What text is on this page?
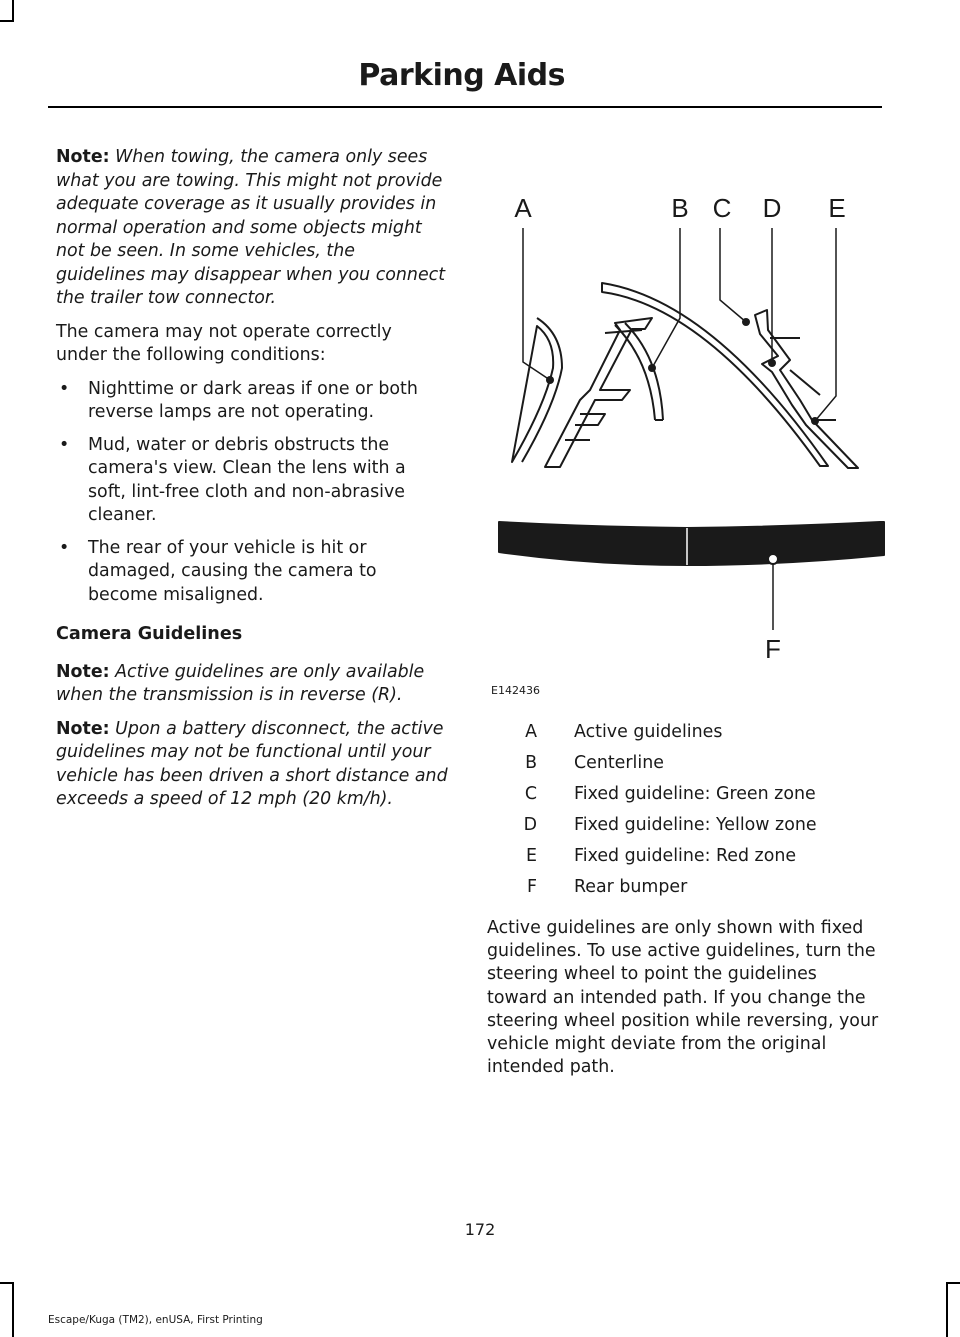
Parking Aids

Note: When towing, the camera only sees what you are towing. This might not provide adequate coverage as it usually provides in normal operation and some objects might not be seen. In some vehicles, the guidelines may disappear when you connect the trailer tow connector.

The camera may not operate correctly under the following conditions:

• Nighttime or dark areas if one or both reverse lamps are not operating.
• Mud, water or debris obstructs the camera's view. Clean the lens with a soft, lint-free cloth and non-abrasive cleaner.
• The rear of your vehicle is hit or damaged, causing the camera to become misaligned.

Camera Guidelines

Note: Active guidelines are only available when the transmission is in reverse (R).

Note: Upon a battery disconnect, the active guidelines may not be functional until your vehicle has been driven a short distance and exceeds a speed of 12 mph (20 km/h).

A	B C D E
F
E142436
A Active guidelines
B Centerline
C Fixed guideline: Green zone
D Fixed guideline: Yellow zone
E Fixed guideline: Red zone
F Rear bumper

Active guidelines are only shown with fixed guidelines. To use active guidelines, turn the steering wheel to point the guidelines toward an intended path. If you change the steering wheel position while reversing, your vehicle might deviate from the original intended path.

172
Escape/Kuga (TM2), enUSA, First Printing
